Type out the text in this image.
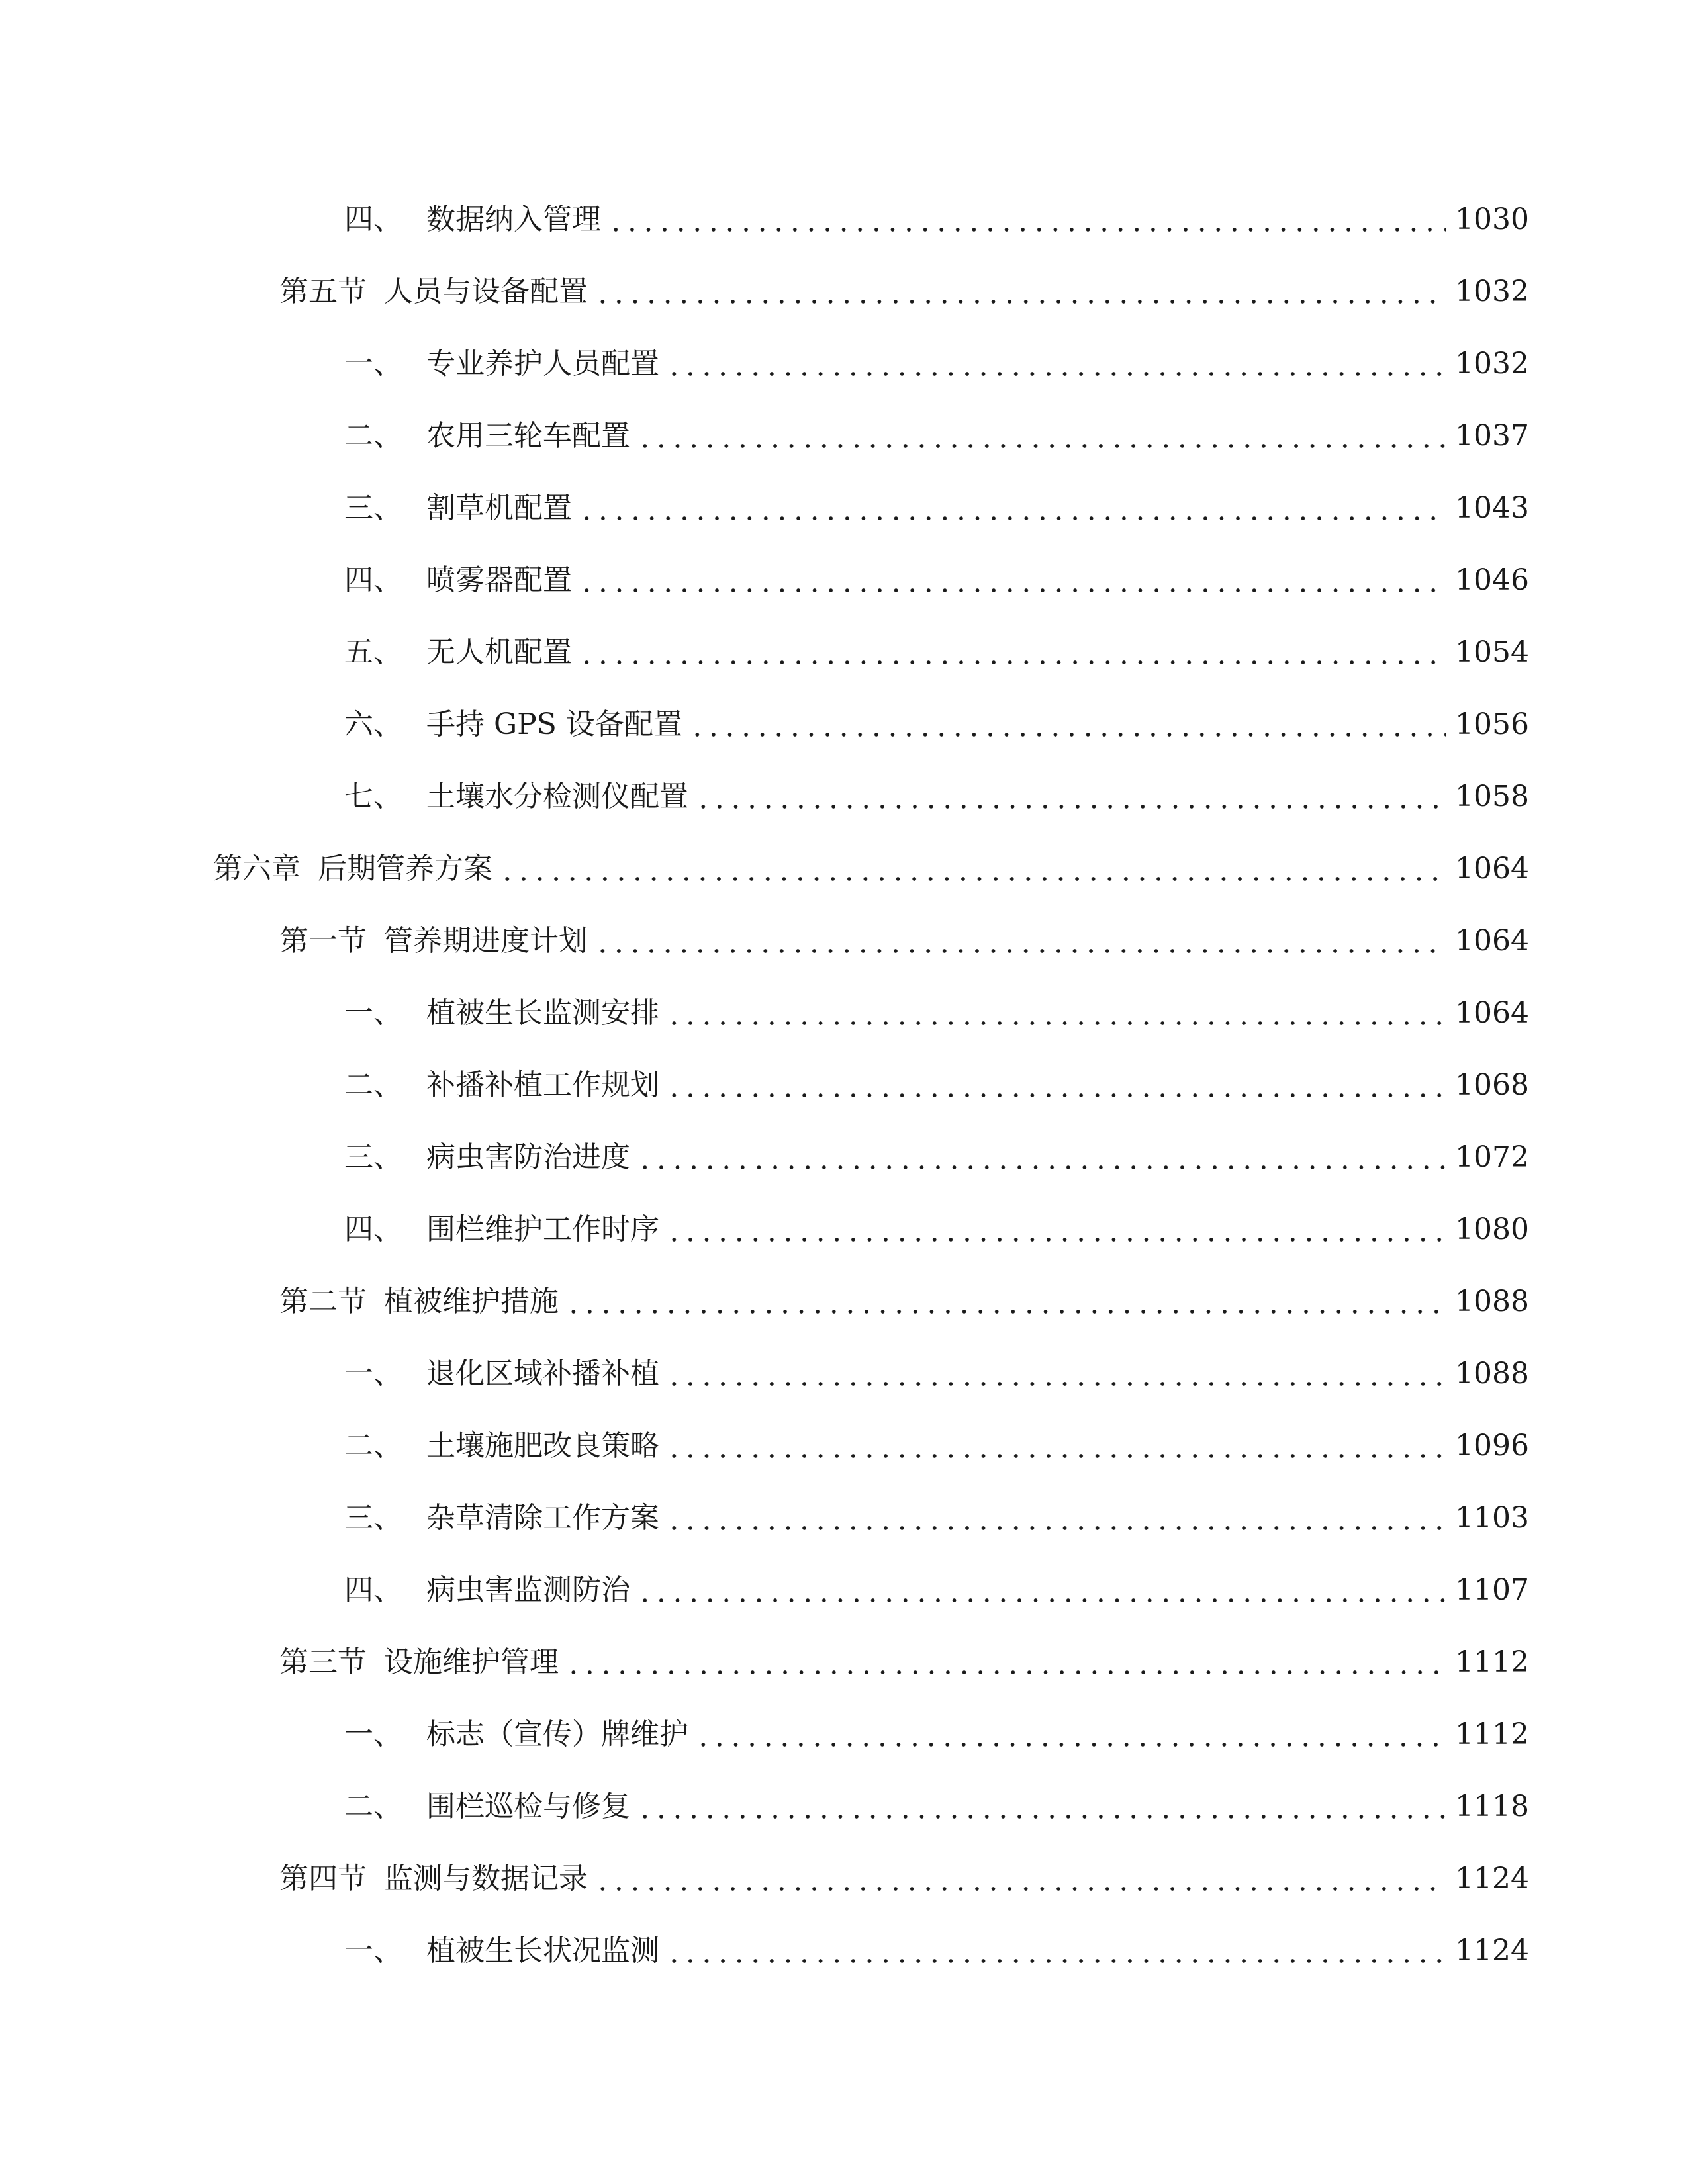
四、 数据纳入管理	1030
第五节 人员与设备配置	1032
一、 专业养护人员配置	1032
二、 农用三轮车配置	1037
三、 割草机配置	1043
四、 喷雾器配置	1046
五、 无人机配置	1054
六、 手持 GPS 设备配置	1056
七、 土壤水分检测仪配置	1058
第六章 后期管养方案	1064
第一节 管养期进度计划	1064
一、 植被生长监测安排	1064
二、 补播补植工作规划	1068
三、 病虫害防治进度	1072
四、 围栏维护工作时序	1080
第二节 植被维护措施	1088
一、 退化区域补播补植	1088
二、 土壤施肥改良策略	1096
三、 杂草清除工作方案	1103
四、 病虫害监测防治	1107
第三节 设施维护管理	1112
一、 标志（宣传）牌维护	1112
二、 围栏巡检与修复	1118
第四节 监测与数据记录	1124
一、 植被生长状况监测	1124
